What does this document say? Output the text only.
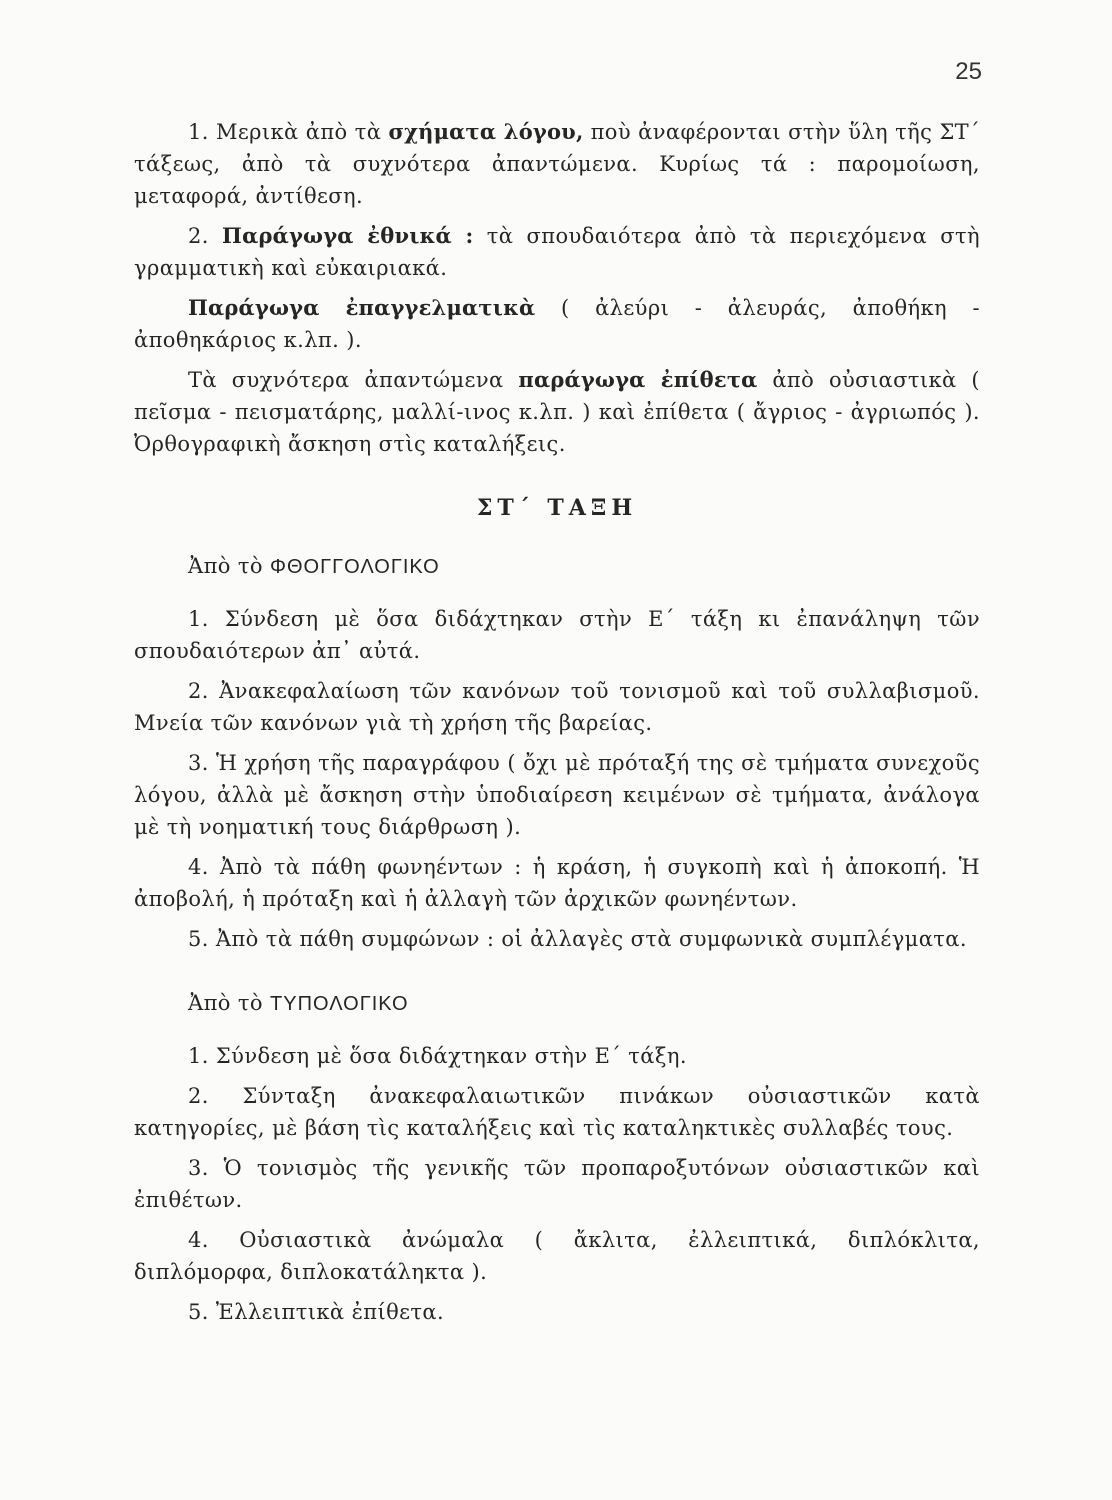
25

1. Μερικὰ ἀπὸ τὰ σχήματα λόγου, ποὺ ἀναφέρονται στὴν ὕλη τῆς ΣΤ΄ τάξεως, ἀπὸ τὰ συχνότερα ἀπαντώμενα. Κυρίως τά : παρομοίωση, μεταφορά, ἀντίθεση.

2. Παράγωγα ἐθνικά : τὰ σπουδαιότερα ἀπὸ τὰ περιεχόμενα στὴ γραμματικὴ καὶ εὐκαιριακά.

Παράγωγα ἐπαγγελματικὰ ( ἀλεύρι - ἀλευράς, ἀποθήκη - ἀποθηκάριος κ.λπ. ).

Τὰ συχνότερα ἀπαντώμενα παράγωγα ἐπίθετα ἀπὸ οὐσιαστικὰ ( πεῖσμα - πεισματάρης, μαλλί-ινος κ.λπ. ) καὶ ἐπίθετα ( ἄγριος - ἀγριωπός ). Ὀρθογραφικὴ ἄσκηση στὶς καταλήξεις.

ΣΤ΄ ΤΑΞΗ
Ἀπὸ τὸ ΦΘΟΓΓΟΛΟΓΙΚΟ

1. Σύνδεση μὲ ὅσα διδάχτηκαν στὴν Ε΄ τάξη κι ἐπανάληψη τῶν σπουδαιότερων ἀπ᾿ αὐτά.

2. Ἀνακεφαλαίωση τῶν κανόνων τοῦ τονισμοῦ καὶ τοῦ συλλαβισμοῦ. Μνεία τῶν κανόνων γιὰ τὴ χρήση τῆς βαρείας.

3. Ἡ χρήση τῆς παραγράφου ( ὄχι μὲ πρόταξή της σὲ τμήματα συνεχοῦς λόγου, ἀλλὰ μὲ ἄσκηση στὴν ὑποδιαίρεση κειμένων σὲ τμήματα, ἀνάλογα μὲ τὴ νοηματική τους διάρθρωση ).

4. Ἀπὸ τὰ πάθη φωνηέντων : ἡ κράση, ἡ συγκοπὴ καὶ ἡ ἀποκοπή. Ἡ ἀποβολή, ἡ πρόταξη καὶ ἡ ἀλλαγὴ τῶν ἀρχικῶν φωνηέντων.

5. Ἀπὸ τὰ πάθη συμφώνων : οἱ ἀλλαγὲς στὰ συμφωνικὰ συμπλέγματα.

Ἀπὸ τὸ ΤΥΠΟΛΟΓΙΚΟ

1. Σύνδεση μὲ ὅσα διδάχτηκαν στὴν Ε΄ τάξη.

2. Σύνταξη ἀνακεφαλαιωτικῶν πινάκων οὐσιαστικῶν κατὰ κατηγορίες, μὲ βάση τὶς καταλήξεις καὶ τὶς καταληκτικὲς συλλαβές τους.

3. Ὁ τονισμὸς τῆς γενικῆς τῶν προπαροξυτόνων οὐσιαστικῶν καὶ ἐπιθέτων.

4. Οὐσιαστικὰ ἀνώμαλα ( ἄκλιτα, ἐλλειπτικά, διπλόκλιτα, διπλόμορφα, διπλοκατάληκτα ).

5. Ἐλλειπτικὰ ἐπίθετα.
